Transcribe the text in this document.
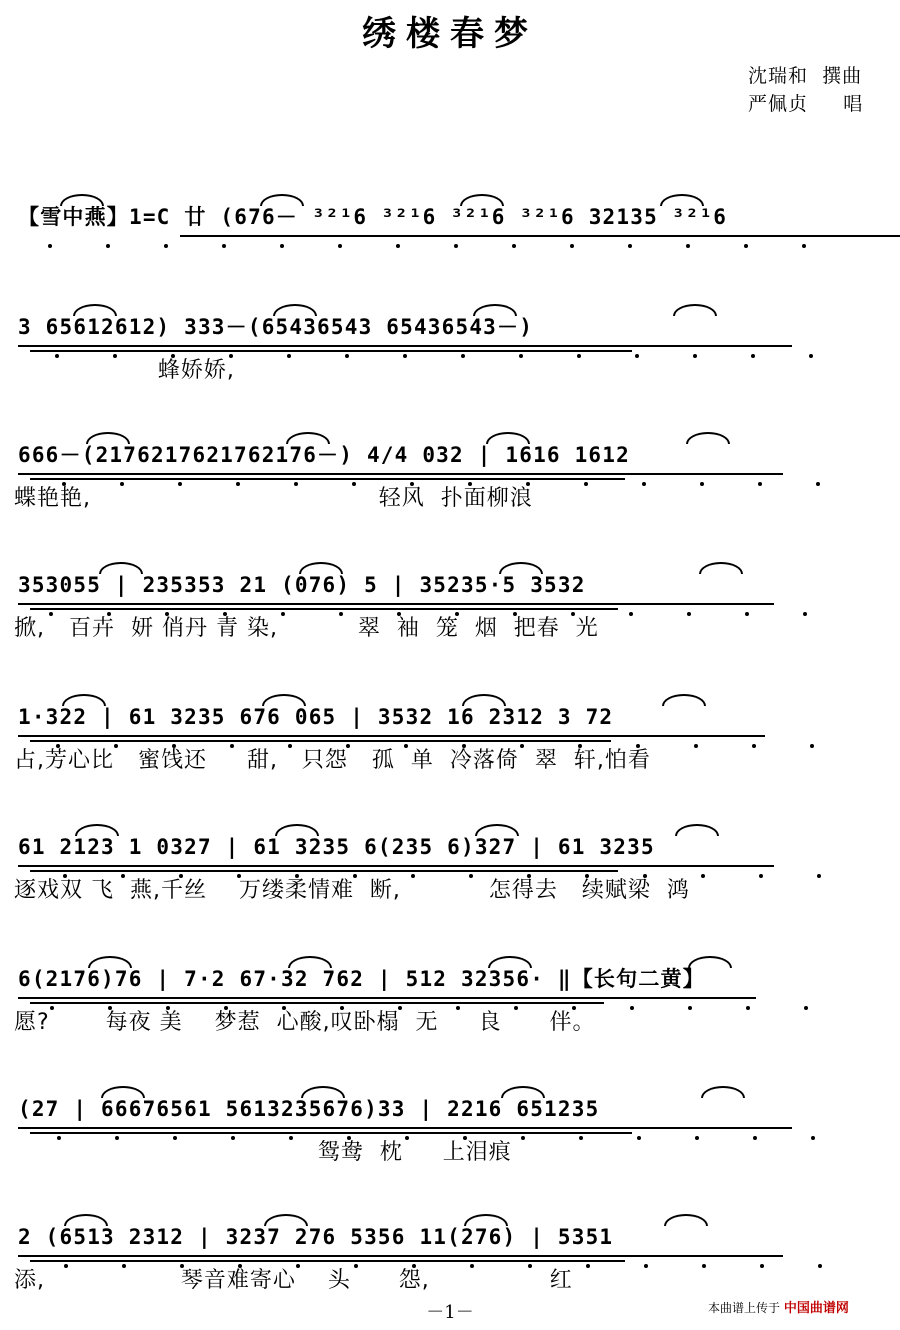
绣楼春梦
沈瑞和  撰曲
严佩贞     唱
【雪中燕】1=C 廿 (676－ ³²¹6 ³²¹6 ³²¹6 ³²¹6 32135 ³²¹6
3 65612612) 333－(65436543 65436543－)
蜂娇娇,
666－(2176217621762176－) 4/4 032 | 1616 1612
蝶艳艳,                                    轻风  扑面柳浪
353055 | 235353 21 (076) 5 | 35235·5 3532
掀,   百卉  妍 俏丹 青 染,          翠  袖  笼  烟  把春  光
1·322 | 61 3235 676 065 | 3532 16 2312 3 72
占,芳心比   蜜饯还     甜,   只怨   孤  单  冷落倚  翠  轩,怕看
61 2123 1 0327 | 61 3235 6(235 6)327 | 61 3235
逐戏双 飞  燕,千丝    万缕柔情难  断,           怎得去   续赋梁  鸿
6(2176)76 | 7·2 67·32 762 | 512 32356· ‖【长句二黄】
愿?       每夜 美    梦惹  心酸,叹卧榻  无     良      伴。
(27 | 66676561 5613235676)33 | 2216 651235
鸳鸯  枕     上泪痕
2 (6513 2312 | 3237 276 5356 11(276) | 5351
添,                 琴音难寄心    头      怨,               红
－1－	本曲谱上传于 中国曲谱网
